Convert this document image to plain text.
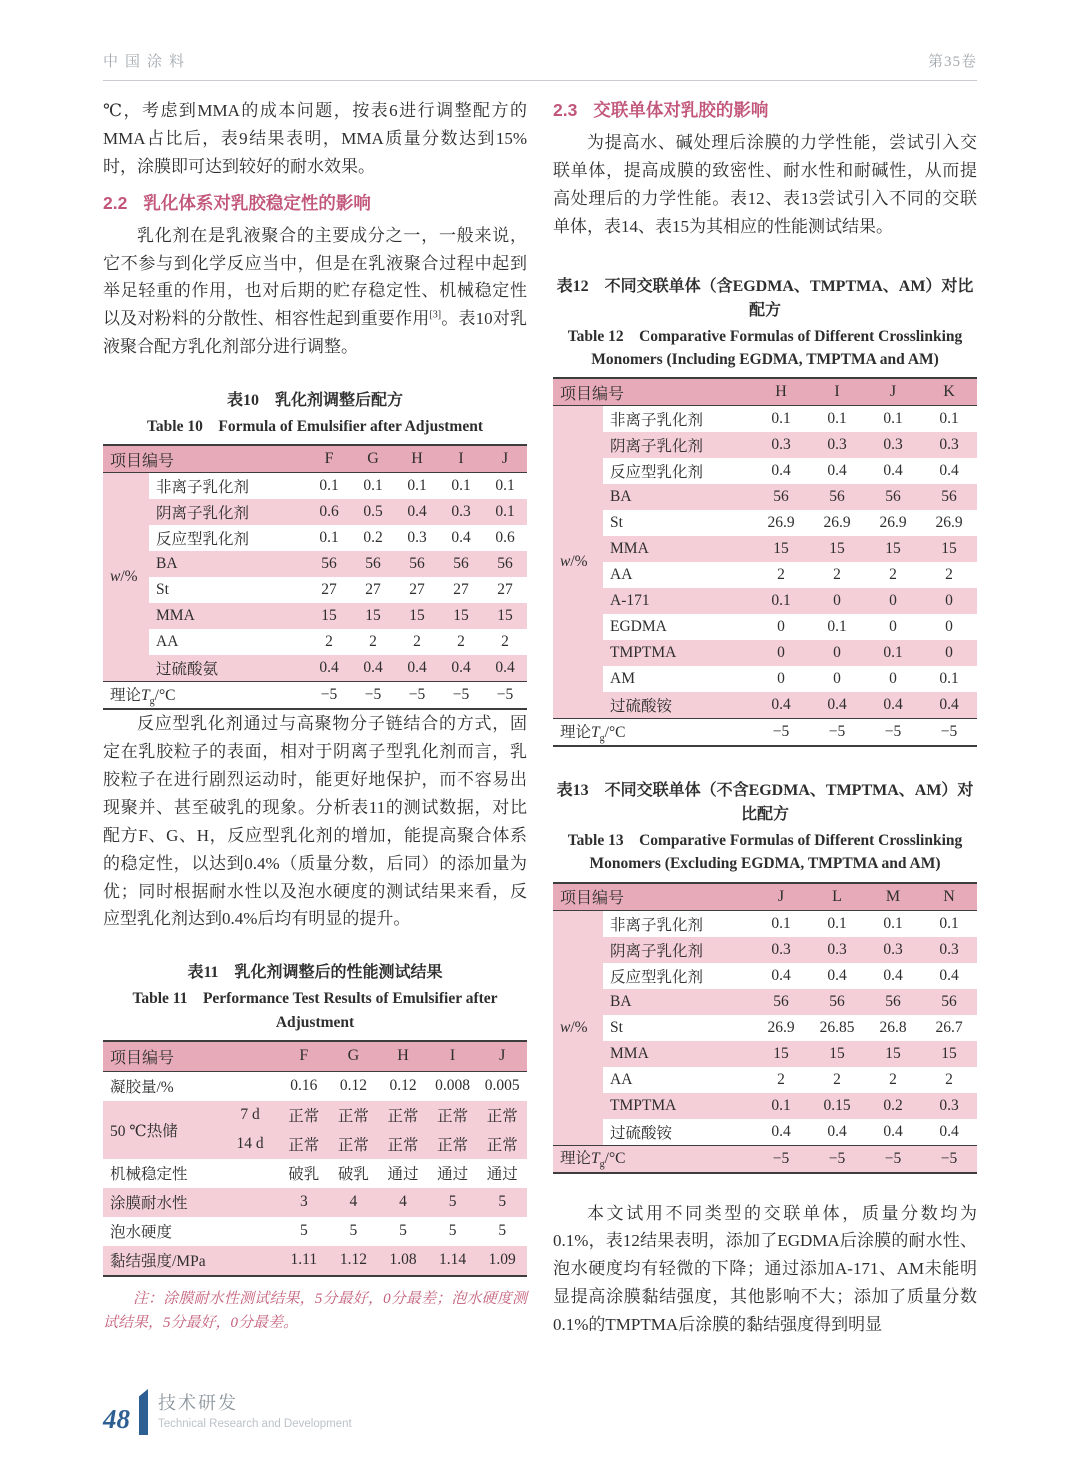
中国涂料	第35卷

℃，考虑到MMA的成本问题，按表6进行调整配方的MMA占比后，表9结果表明，MMA质量分数达到15%时，涂膜即可达到较好的耐水效果。

2.2 乳化体系对乳胶稳定性的影响

乳化剂在是乳液聚合的主要成分之一，一般来说，它不参与到化学反应当中，但是在乳液聚合过程中起到举足轻重的作用，也对后期的贮存稳定性、机械稳定性以及对粉料的分散性、相容性起到重要作用[3]。表10对乳液聚合配方乳化剂部分进行调整。

表10　乳化剂调整后配方
Table 10　Formula of Emulsifier after Adjustment
项目编号		F	G	H	I	J
w/%	非离子乳化剂	0.1	0.1	0.1	0.1	0.1
	阴离子乳化剂	0.6	0.5	0.4	0.3	0.1
	反应型乳化剂	0.1	0.2	0.3	0.4	0.6
	BA	56	56	56	56	56
	St	27	27	27	27	27
	MMA	15	15	15	15	15
	AA	2	2	2	2	2
	过硫酸氨	0.4	0.4	0.4	0.4	0.4
理论$T_g/^\circ C$		−5	−5	−5	−5	−5

反应型乳化剂通过与高聚物分子链结合的方式，固定在乳胶粒子的表面，相对于阴离子型乳化剂而言，乳胶粒子在进行剧烈运动时，能更好地保护，而不容易出现聚并、甚至破乳的现象。分析表11的测试数据，对比配方F、G、H，反应型乳化剂的增加，能提高聚合体系的稳定性，以达到0.4%（质量分数，后同）的添加量为优；同时根据耐水性以及泡水硬度的测试结果来看，反应型乳化剂达到0.4%后均有明显的提升。

表11　乳化剂调整后的性能测试结果
Table 11　Performance Test Results of Emulsifier after Adjustment
项目编号		F	G	H	I	J
凝胶量/%		0.16	0.12	0.12	0.008	0.005
50 ℃热储	7 d	正常	正常	正常	正常	正常
	14 d	正常	正常	正常	正常	正常
机械稳定性		破乳	破乳	通过	通过	通过
涂膜耐水性		3	4	4	5	5
泡水硬度		5	5	5	5	5
黏结强度/MPa		1.11	1.12	1.08	1.14	1.09
注：涂膜耐水性测试结果，5分最好，0分最差；泡水硬度测试结果，5分最好，0分最差。
2.3 交联单体对乳胶的影响

为提高水、碱处理后涂膜的力学性能，尝试引入交联单体，提高成膜的致密性、耐水性和耐碱性，从而提高处理后的力学性能。表12、表13尝试引入不同的交联单体，表14、表15为其相应的性能测试结果。

表12　不同交联单体（含EGDMA、TMPTMA、AM）对比配方
Table 12　Comparative Formulas of Different Crosslinking Monomers (Including EGDMA, TMPTMA and AM)
项目编号		H	I	J	K
w/%	非离子乳化剂	0.1	0.1	0.1	0.1
	阴离子乳化剂	0.3	0.3	0.3	0.3
	反应型乳化剂	0.4	0.4	0.4	0.4
	BA	56	56	56	56
	St	26.9	26.9	26.9	26.9
	MMA	15	15	15	15
	AA	2	2	2	2
	A-171	0.1	0	0	0
	EGDMA	0	0.1	0	0
	TMPTMA	0	0	0.1	0
	AM	0	0	0	0.1
	过硫酸铵	0.4	0.4	0.4	0.4
理论$T_g/^\circ C$		−5	−5	−5	−5
表13　不同交联单体（不含EGDMA、TMPTMA、AM）对比配方
Table 13　Comparative Formulas of Different Crosslinking Monomers (Excluding EGDMA, TMPTMA and AM)
项目编号		J	L	M	N
w/%	非离子乳化剂	0.1	0.1	0.1	0.1
	阴离子乳化剂	0.3	0.3	0.3	0.3
	反应型乳化剂	0.4	0.4	0.4	0.4
	BA	56	56	56	56
	St	26.9	26.85	26.8	26.7
	MMA	15	15	15	15
	AA	2	2	2	2
	TMPTMA	0.1	0.15	0.2	0.3
	过硫酸铵	0.4	0.4	0.4	0.4
理论$T_g/^\circ C$		−5	−5	−5	−5

本文试用不同类型的交联单体，质量分数均为0.1%，表12结果表明，添加了EGDMA后涂膜的耐水性、泡水硬度均有轻微的下降；通过添加A-171、AM未能明显提高涂膜黏结强度，其他影响不大；添加了质量分数0.1%的TMPTMA后涂膜的黏结强度得到明显

48
技术研发
Technical Research and Development
